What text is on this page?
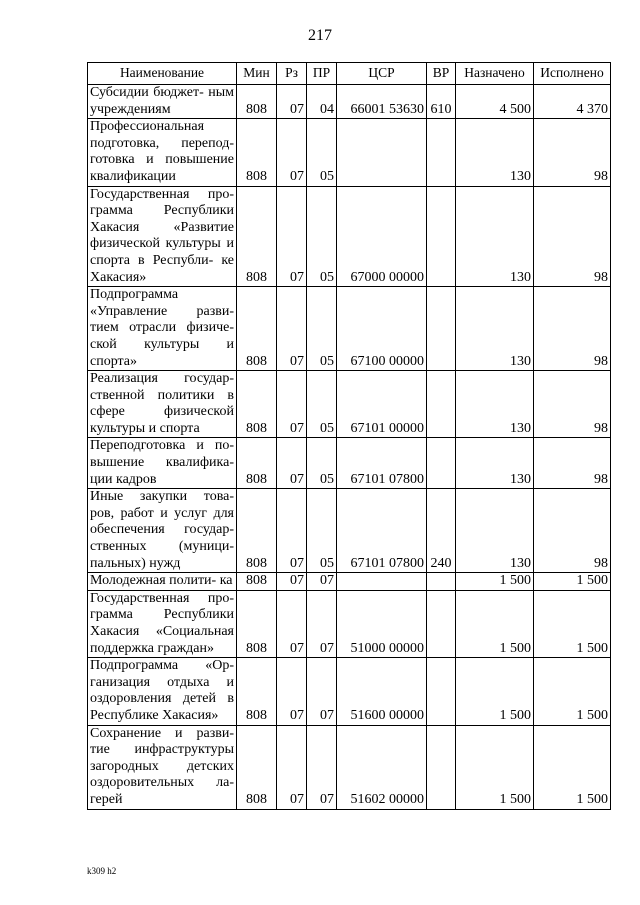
217
Наименование	Мин	Рз	ПР	ЦСР	ВР	Назначено	Исполнено
Субсидии бюджет- ным учреждениям	808	07	04	66001 53630	610	4 500	4 370
Профессиональная подготовка, перепод- готовка и повышение квалификации	808	07	05			130	98
Государственная про- грамма Республики Хакасия «Развитие физической культуры и спорта в Республи- ке Хакасия»	808	07	05	67000 00000		130	98
Подпрограмма «Управление разви- тием отрасли физиче- ской культуры и спорта»	808	07	05	67100 00000		130	98
Реализация государ- ственной политики в сфере физической культуры и спорта	808	07	05	67101 00000		130	98
Переподготовка и по- вышение квалифика- ции кадров	808	07	05	67101 07800		130	98
Иные закупки това- ров, работ и услуг для обеспечения государ- ственных (муници- пальных) нужд	808	07	05	67101 07800	240	130	98
Молодежная полити- ка	808	07	07			1 500	1 500
Государственная про- грамма Республики Хакасия «Социальная поддержка граждан»	808	07	07	51000 00000		1 500	1 500
Подпрограмма «Ор- ганизация отдыха и оздоровления детей в Республике Хакасия»	808	07	07	51600 00000		1 500	1 500
Сохранение и разви- тие инфраструктуры загородных детских оздоровительных ла- герей	808	07	07	51602 00000		1 500	1 500
k309 h2
